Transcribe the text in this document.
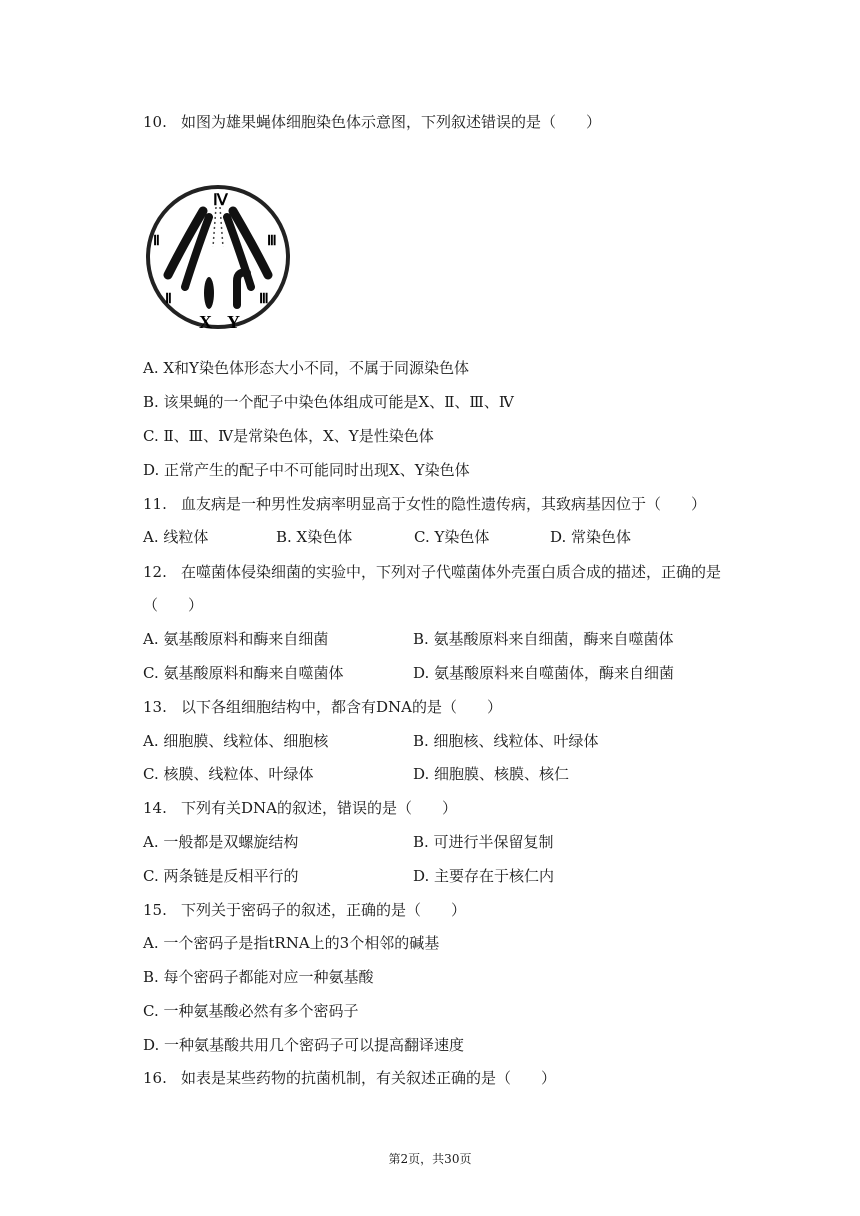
10. 如图为雄果蝇体细胞染色体示意图，下列叙述错误的是（　　）
Ⅳ
Ⅱ	Ⅲ
Ⅱ	Ⅲ
X Y
A. X和Y染色体形态大小不同，不属于同源染色体
B. 该果蝇的一个配子中染色体组成可能是X、Ⅱ、Ⅲ、Ⅳ
C. Ⅱ、Ⅲ、Ⅳ是常染色体，X、Y是性染色体
D. 正常产生的配子中不可能同时出现X、Y染色体
11. 血友病是一种男性发病率明显高于女性的隐性遗传病，其致病基因位于（　　）
A. 线粒体	B. X染色体	C. Y染色体	D. 常染色体
12. 在噬菌体侵染细菌的实验中，下列对子代噬菌体外壳蛋白质合成的描述，正确的是
（　　）
A. 氨基酸原料和酶来自细菌	B. 氨基酸原料来自细菌，酶来自噬菌体
C. 氨基酸原料和酶来自噬菌体	D. 氨基酸原料来自噬菌体，酶来自细菌
13. 以下各组细胞结构中，都含有DNA的是（　　）
A. 细胞膜、线粒体、细胞核	B. 细胞核、线粒体、叶绿体
C. 核膜、线粒体、叶绿体	D. 细胞膜、核膜、核仁
14. 下列有关DNA的叙述，错误的是（　　）
A. 一般都是双螺旋结构	B. 可进行半保留复制
C. 两条链是反相平行的	D. 主要存在于核仁内
15. 下列关于密码子的叙述，正确的是（　　）
A. 一个密码子是指tRNA上的3个相邻的碱基
B. 每个密码子都能对应一种氨基酸
C. 一种氨基酸必然有多个密码子
D. 一种氨基酸共用几个密码子可以提高翻译速度
16. 如表是某些药物的抗菌机制，有关叙述正确的是（　　）
第2页，共30页
